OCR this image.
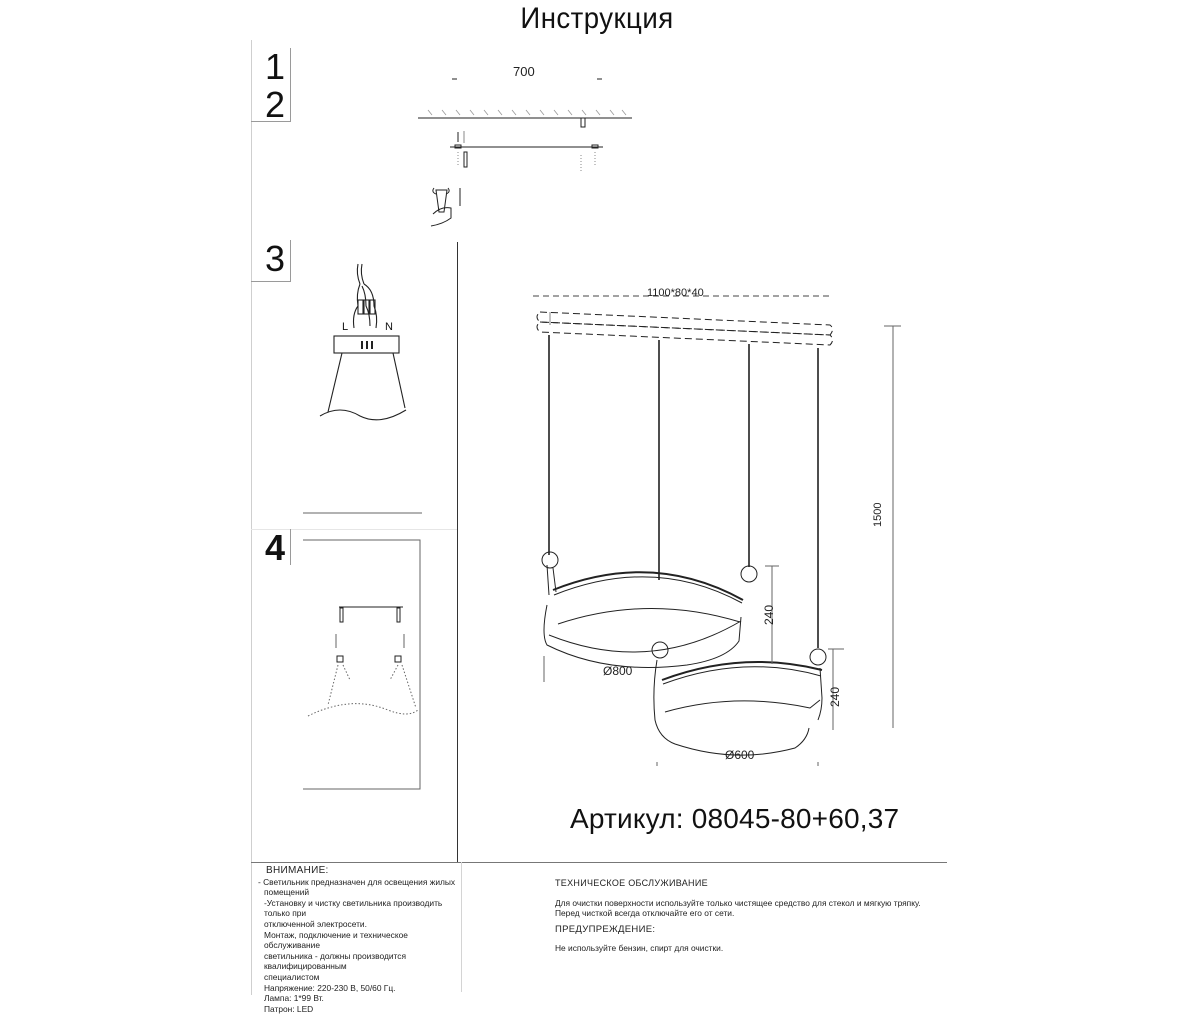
Инструкция
1
2
3
4
L	N
700
1100*80*40
1500
240
240
Ø800
Ø600
Артикул: 08045-80+60,37
ВНИМАНИЕ:
- Светильник предназначен для освещения жилых
помещений
-Установку и чистку светильника производить только при
отключенной электросети.
Монтаж, подключение и техническое обслуживание
светильника - должны производится квалифицированным
специалистом
Напряжение: 220-230 В, 50/60 Гц.
Лампа: 1*99 Вт.
Патрон: LED
ТЕХНИЧЕСКОЕ ОБСЛУЖИВАНИЕ
Для очистки поверхности используйте только чистящее средство для стекол и мягкую тряпку.
Перед чисткой всегда отключайте его от сети.
ПРЕДУПРЕЖДЕНИЕ:
Не используйте бензин, спирт для очистки.
